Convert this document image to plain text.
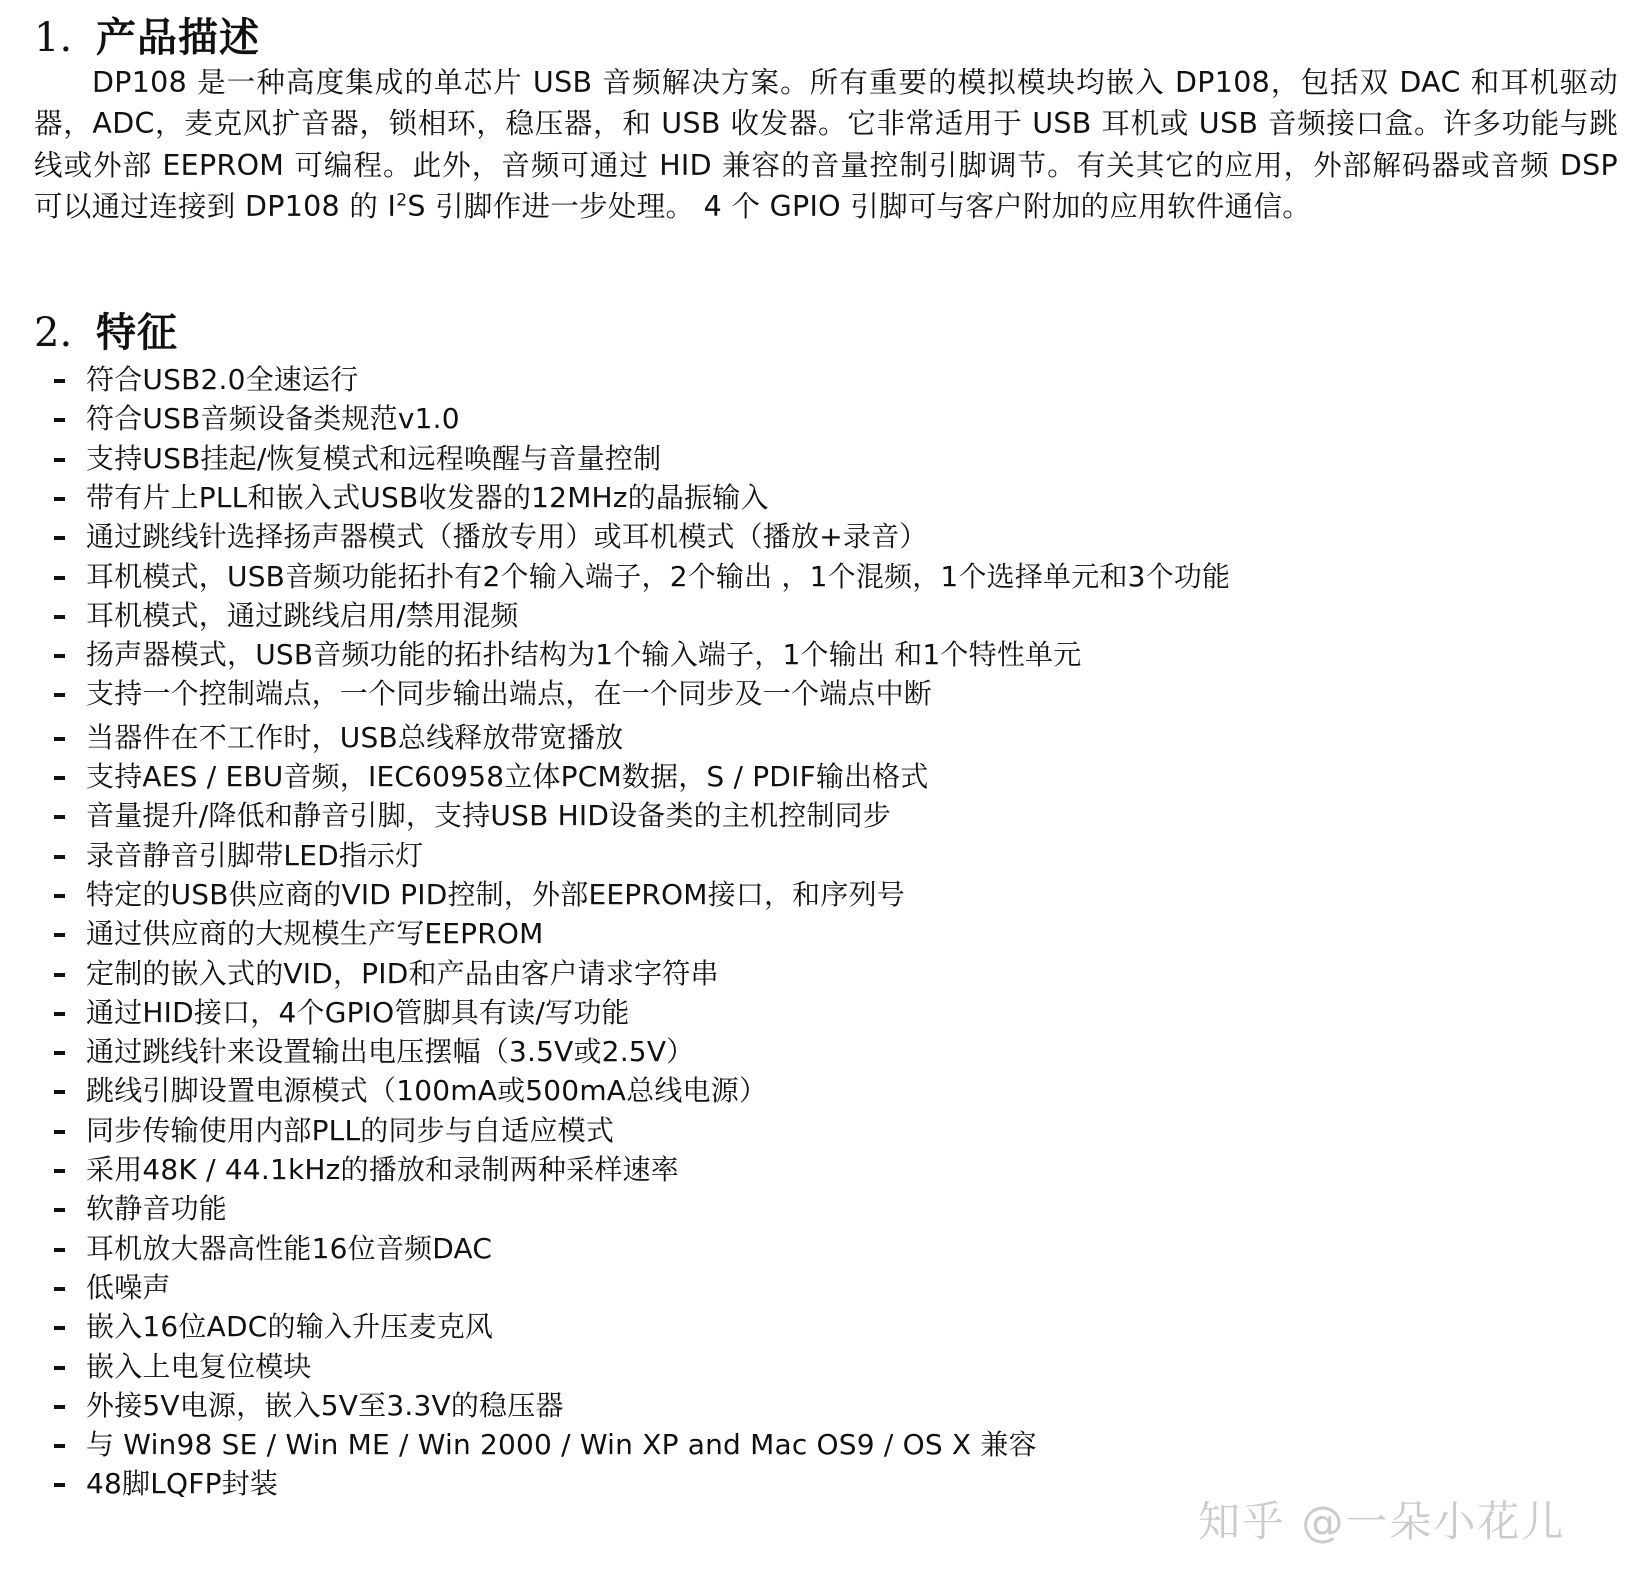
1. 产品描述

DP108 是一种高度集成的单芯片 USB 音频解决方案。所有重要的模拟模块均嵌入 DP108，包括双 DAC 和耳机驱动器，ADC，麦克风扩音器，锁相环，稳压器，和 USB 收发器。它非常适用于 USB 耳机或 USB 音频接口盒。许多功能与跳线或外部 EEPROM 可编程。此外，音频可通过 HID 兼容的音量控制引脚调节。有关其它的应用，外部解码器或音频 DSP 可以通过连接到 DP108 的 $I^2S$ 引脚作进一步处理。 4 个 GPIO 引脚可与客户附加的应用软件通信。

2. 特征
符合USB2.0全速运行
符合USB音频设备类规范v1.0
支持USB挂起/恢复模式和远程唤醒与音量控制
带有片上PLL和嵌入式USB收发器的12MHz的晶振输入
通过跳线针选择扬声器模式（播放专用）或耳机模式（播放+录音）
耳机模式，USB音频功能拓扑有2个输入端子，2个输出 ，1个混频，1个选择单元和3个功能
耳机模式，通过跳线启用/禁用混频
扬声器模式，USB音频功能的拓扑结构为1个输入端子，1个输出 和1个特性单元
支持一个控制端点，一个同步输出端点，在一个同步及一个端点中断
当器件在不工作时，USB总线释放带宽播放
支持AES / EBU音频，IEC60958立体PCM数据，S / PDIF输出格式
音量提升/降低和静音引脚，支持USB HID设备类的主机控制同步
录音静音引脚带LED指示灯
特定的USB供应商的VID PID控制，外部EEPROM接口，和序列号
通过供应商的大规模生产写EEPROM
定制的嵌入式的VID，PID和产品由客户请求字符串
通过HID接口，4个GPIO管脚具有读/写功能
通过跳线针来设置输出电压摆幅（3.5V或2.5V）
跳线引脚设置电源模式（100mA或500mA总线电源）
同步传输使用内部PLL的同步与自适应模式
采用48K / 44.1kHz的播放和录制两种采样速率
软静音功能
耳机放大器高性能16位音频DAC
低噪声
嵌入16位ADC的输入升压麦克风
嵌入上电复位模块
外接5V电源，嵌入5V至3.3V的稳压器
与 Win98 SE / Win ME / Win 2000 / Win XP and Mac OS9 / OS X 兼容
48脚LQFP封装
知乎 @一朵小花儿
